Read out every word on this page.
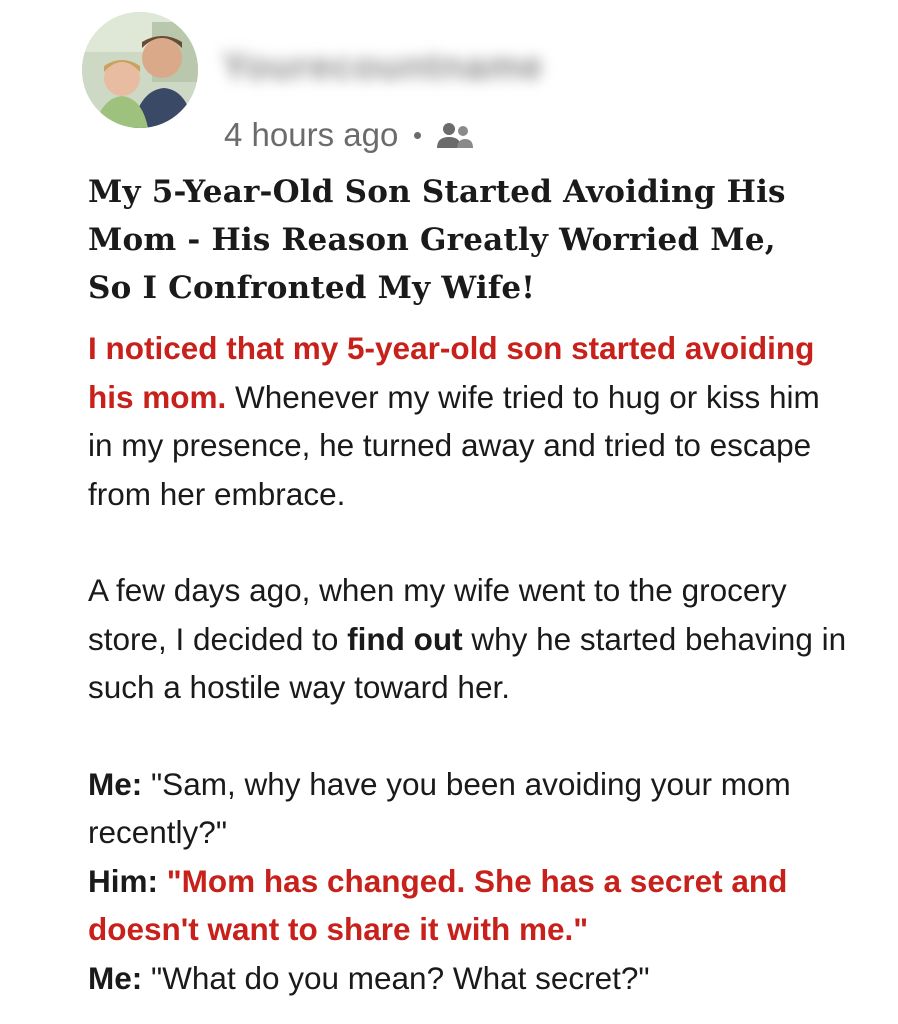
Yourecountname
4 hours ago
My 5-Year-Old Son Started Avoiding His Mom - His Reason Greatly Worried Me, So I Confronted My Wife!

I noticed that my 5-year-old son started avoiding his mom. Whenever my wife tried to hug or kiss him in my presence, he turned away and tried to escape from her embrace.

A few days ago, when my wife went to the grocery store, I decided to find out why he started behaving in such a hostile way toward her.

Me: "Sam, why have you been avoiding your mom recently?"

Him: "Mom has changed. She has a secret and doesn't want to share it with me."

Me: "What do you mean? What secret?"
